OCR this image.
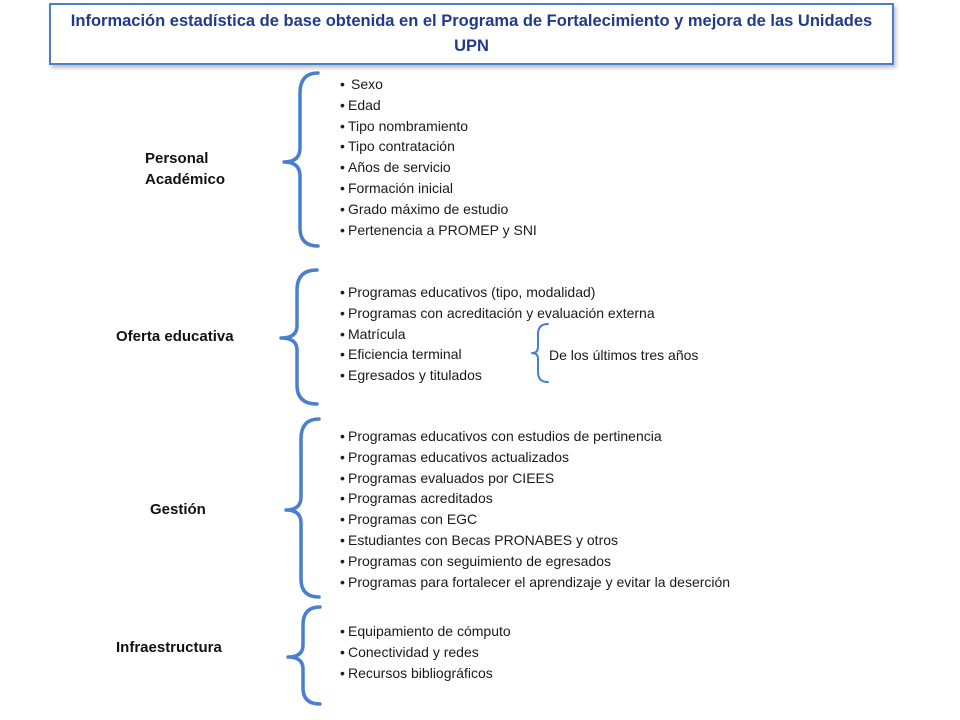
Información estadística de base obtenida en el Programa de Fortalecimiento y mejora de las Unidades UPN
Personal Académico
• Sexo
• Edad
• Tipo nombramiento
• Tipo contratación
• Años de servicio
• Formación inicial
• Grado máximo de estudio
• Pertenencia a PROMEP y SNI
Oferta educativa
• Programas educativos (tipo, modalidad)
• Programas con acreditación y evaluación externa
• Matrícula
• Eficiencia terminal
• Egresados y titulados
De los últimos tres años
Gestión
• Programas educativos con estudios de pertinencia
• Programas educativos actualizados
• Programas evaluados por CIEES
• Programas acreditados
• Programas con EGC
• Estudiantes con Becas PRONABES y otros
• Programas con seguimiento de egresados
• Programas para fortalecer el aprendizaje y evitar la deserción
Infraestructura
• Equipamiento de cómputo
• Conectividad y redes
• Recursos bibliográficos
